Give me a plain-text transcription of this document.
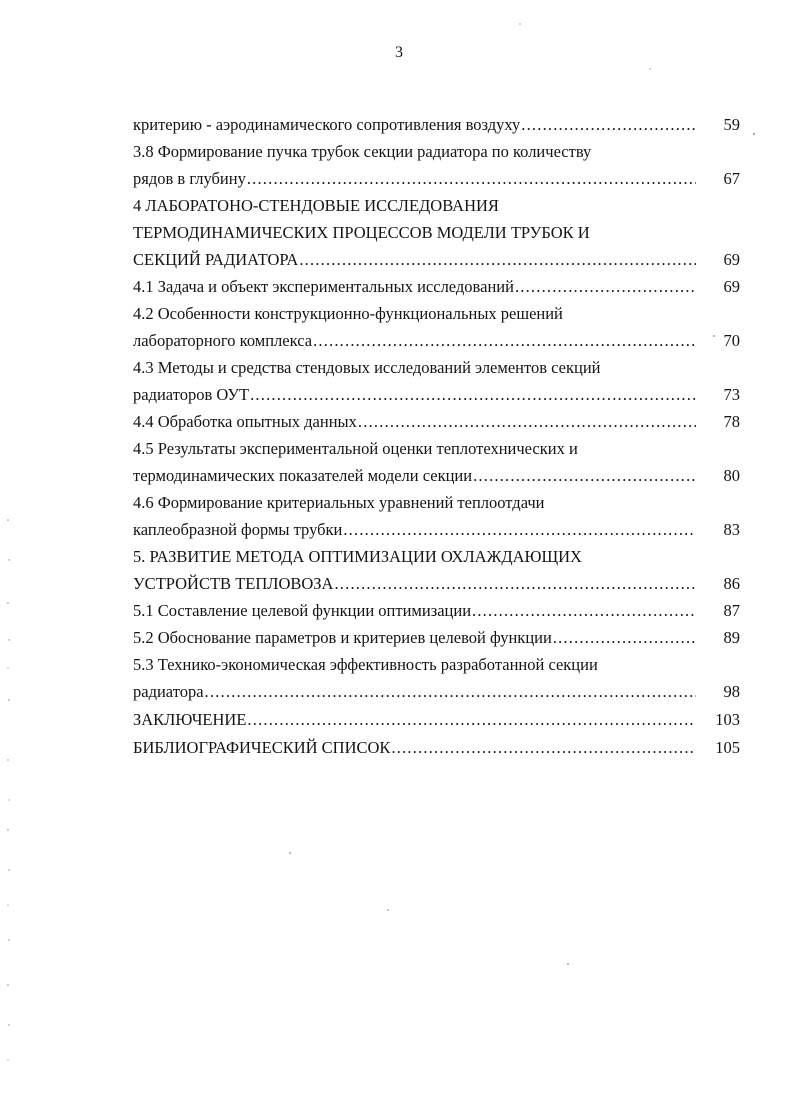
3
критерию - аэродинамического сопротивления воздуху .....	59
3.8 Формирование пучка трубок секции радиатора по количеству
рядов в глубину .....	67
4 ЛАБОРАТОНО-СТЕНДОВЫЕ ИССЛЕДОВАНИЯ
ТЕРМОДИНАМИЧЕСКИХ ПРОЦЕССОВ МОДЕЛИ ТРУБОК И
СЕКЦИЙ РАДИАТОРА .....	69
4.1 Задача и объект экспериментальных исследований .....	69
4.2 Особенности конструкционно-функциональных решений
лабораторного комплекса .....	70
4.3 Методы и средства стендовых исследований элементов секций
радиаторов ОУТ .....	73
4.4 Обработка опытных данных .....	78
4.5 Результаты экспериментальной оценки теплотехнических и
термодинамических показателей модели секции .....	80
4.6 Формирование критериальных уравнений теплоотдачи
каплеобразной формы трубки .....	83
5. РАЗВИТИЕ МЕТОДА ОПТИМИЗАЦИИ ОХЛАЖДАЮЩИХ
УСТРОЙСТВ ТЕПЛОВОЗА .....	86
5.1 Составление целевой функции оптимизации .....	87
5.2 Обоснование параметров и критериев целевой функции .....	89
5.3 Технико-экономическая эффективность разработанной секции
радиатора .....	98
ЗАКЛЮЧЕНИЕ .....	103
БИБЛИОГРАФИЧЕСКИЙ СПИСОК .....	105
